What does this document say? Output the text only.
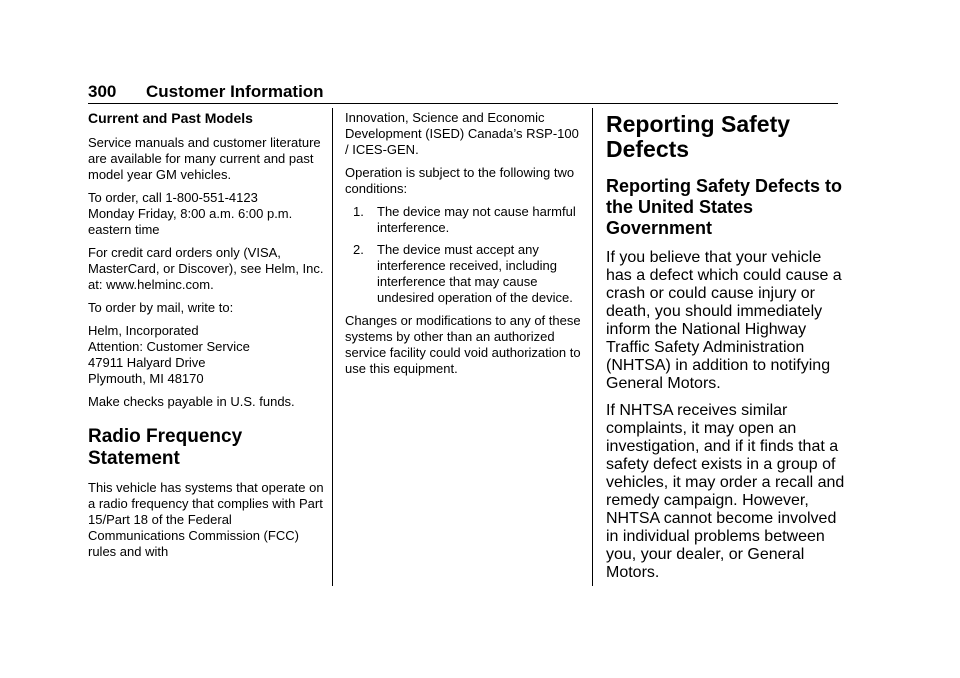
300 Customer Information
Current and Past Models

Service manuals and customer literature are available for many current and past model year GM vehicles.

To order, call 1-800-551-4123
Monday Friday, 8:00 a.m. 6:00 p.m.
eastern time

For credit card orders only (VISA, MasterCard, or Discover), see Helm, Inc. at: www.helminc.com.

To order by mail, write to:

Helm, Incorporated
Attention: Customer Service
47911 Halyard Drive
Plymouth, MI 48170

Make checks payable in U.S. funds.

Radio Frequency Statement

This vehicle has systems that operate on a radio frequency that complies with Part 15/Part 18 of the Federal Communications Commission (FCC) rules and with

Innovation, Science and Economic Development (ISED) Canada’s RSP-100 / ICES-GEN.

Operation is subject to the following two conditions:

1. The device may not cause harmful interference.
2. The device must accept any interference received, including interference that may cause undesired operation of the device.

Changes or modifications to any of these systems by other than an authorized service facility could void authorization to use this equipment.

Reporting Safety Defects
Reporting Safety Defects to the United States Government

If you believe that your vehicle has a defect which could cause a crash or could cause injury or death, you should immediately inform the National Highway Traffic Safety Administration (NHTSA) in addition to notifying General Motors.

If NHTSA receives similar complaints, it may open an investigation, and if it finds that a safety defect exists in a group of vehicles, it may order a recall and remedy campaign. However, NHTSA cannot become involved in individual problems between you, your dealer, or General Motors.
